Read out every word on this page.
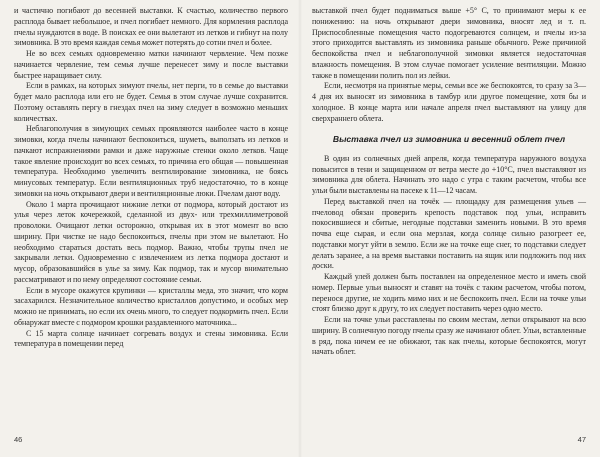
и частично погибают до весенней выставки. К счастью, количество первого расплода бывает небольшое, и пчел погибает немного. Для кормления расплода пчелы нуждаются в воде. В поисках ее они вылетают из летков и гибнут на полу зимовника. В это время каждая семья может потерять до сотни пчел и более.

Не во всех семьях одновременно матки начинают червление. Чем позже начинается червление, тем семья лучше перенесет зиму и после выставки быстрее наращивает силу.

Если в рамках, на которых зимуют пчелы, нет перги, то в семье до выставки будет мало расплода или его не будет. Семья в этом случае лучше сохранится. Поэтому оставлять пергу в гнездах пчел на зиму следует в возможно меньших количествах.

Неблагополучия в зимующих семьях проявляются наиболее часто в конце зимовки, когда пчелы начинают беспокоиться, шуметь, выползать из летков и пачкают испражнениями рамки и даже наружные стенки около летков. Чаще такое явление происходит во всех семьях, то причина его общая — повышенная температура. Необходимо увеличить вентилирование зимовника, не боясь минусовых температур. Если вентиляционных труб недостаточно, то в конце зимовки на ночь открывают двери и вентиляционные люки. Пчелам дают воду.

Около 1 марта прочищают нижние летки от подмора, который достают из улья через леток кочережкой, сделанной из двух- или трехмиллиметровой проволоки. Очищают летки осторожно, открывая их в этот момент во всю ширину. При чистке не надо беспокоиться, пчелы при этом не вылетают. Но необходимо стараться достать весь подмор. Важно, чтобы трупы пчел не закрывали летки. Одновременно с извлечением из летка подмора достают и мусор, образовавшийся в улье за зиму. Как подмор, так и мусор внимательно рассматривают и по нему определяют состояние семьи.

Если в мусоре окажутся крупинки — кристаллы меда, это значит, что корм засахарился. Незначительное количество кристаллов допустимо, и особых мер можно не принимать, но если их очень много, то следует подкормить пчел. Если обнаружат вместе с подмором крошки раздавленного маточника...

С 15 марта солнце начинает согревать воздух и стены зимовника. Если температура в помещении перед

46

выставкой пчел будет подниматься выше +5° С, то принимают меры к ее понижению: на ночь открывают двери зимовника, вносят лед и т. п. Приспособленные помещения часто подогреваются солнцем, и пчелы из-за этого приходится выставлять из зимовника раньше обычного. Реже причиной беспокойства пчел и неблагополучной зимовки является недостаточная влажность помещения. В этом случае помогает усиление вентиляции. Можно также в помещении полить пол из лейки.

Если, несмотря на принятые меры, семьи все же беспокоятся, то сразу за 3—4 дня их выносят из зимовника в тамбур или другое помещение, хотя бы и холодное. В конце марта или начале апреля пчел выставляют на улицу для сверхраннего облета.

Выставка пчел из зимовника и весенний облет пчел

В один из солнечных дней апреля, когда температура наружного воздуха повысится в тени и защищенном от ветра месте до +10°С, пчел выставляют из зимовника для облета. Начинать это надо с утра с таким расчетом, чтобы все ульи были выставлены на пасеке к 11—12 часам.

Перед выставкой пчел на точёк — площадку для размещения ульев — пчеловод обязан проверить крепость подставок под ульи, исправить покосившиеся и сбитые, негодные подставки заменить новыми. В это время почва еще сырая, и если она мерзлая, когда солнце сильно разогреет ее, подставки могут уйти в землю. Если же на точке еще снег, то подставки следует делать заранее, а на время выставки поставить на ящик или подложить под них доски.

Каждый улей должен быть поставлен на определенное место и иметь свой номер. Первые ульи выносят и ставят на точёк с таким расчетом, чтобы потом, перенося другие, не ходить мимо них и не беспокоить пчел. Если на точке ульи стоят близко друг к другу, то их следует поставить через одно место.

Если на точке ульи расставлены по своим местам, летки открывают на всю ширину. В солнечную погоду пчелы сразу же начинают облет. Ульи, вставленные в ряд, пока ничем ее не обижают, так как пчелы, которые беспокоятся, могут начать облет.

47
